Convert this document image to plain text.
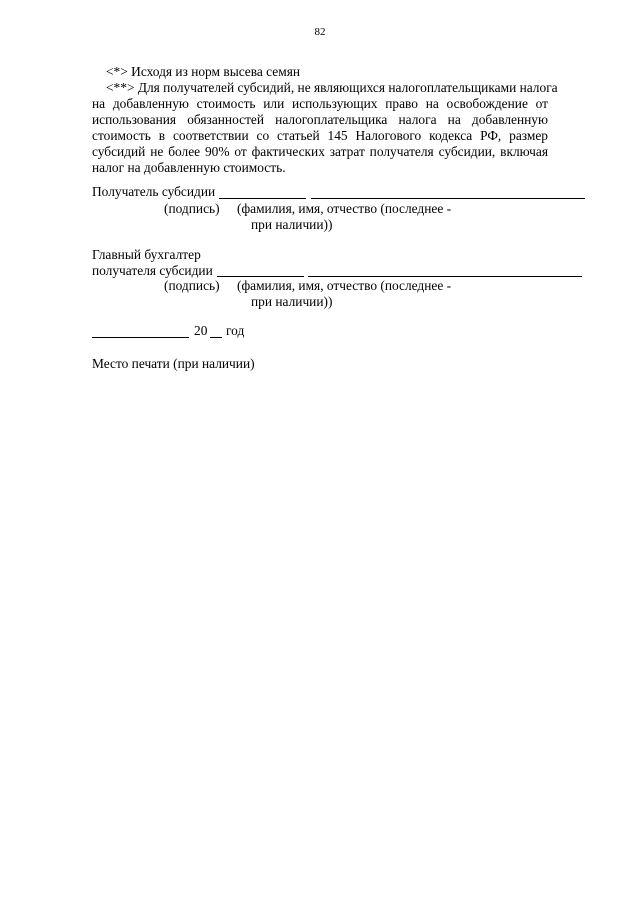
82
<*> Исходя из норм высева семян
<**> Для получателей субсидий, не являющихся налогоплательщиками налога
на добавленную стоимость или использующих право на освобождение от
использования обязанностей налогоплательщика налога на добавленную
стоимость в соответствии со статьей 145 Налогового кодекса РФ, размер
субсидий не более 90% от фактических затрат получателя субсидии, включая
налог на добавленную стоимость.
Получатель субсидии
(подпись) (фамилия, имя, отчество (последнее -
при наличии))
Главный бухгалтер
получателя субсидии
(подпись) (фамилия, имя, отчество (последнее -
при наличии))
20 год
Место печати (при наличии)
